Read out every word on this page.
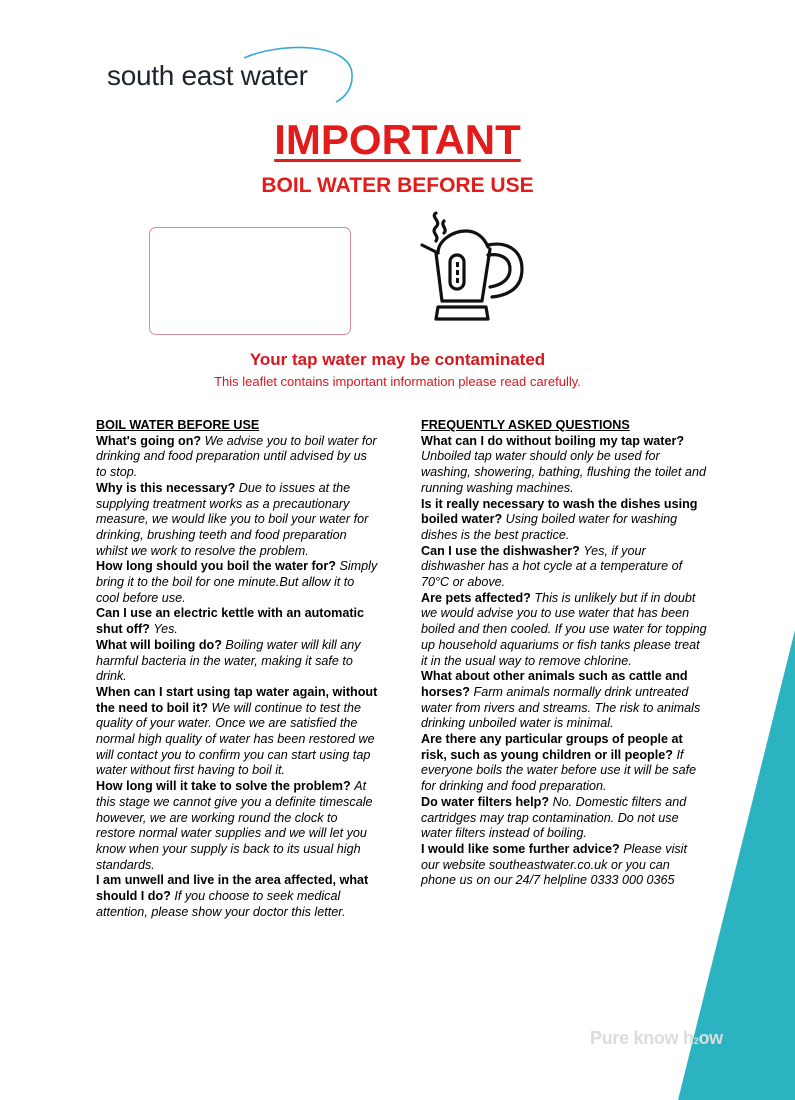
south east water
IMPORTANT
BOIL WATER BEFORE USE
Your tap water may be contaminated
This leaflet contains important information please read carefully.
BOIL WATER BEFORE USE

What's going on? We advise you to boil water for drinking and food preparation until advised by us to stop.

Why is this necessary? Due to issues at the supplying treatment works as a precautionary measure, we would like you to boil your water for drinking, brushing teeth and food preparation whilst we work to resolve the problem.

How long should you boil the water for? Simply bring it to the boil for one minute.But allow it to cool before use.

Can I use an electric kettle with an automatic shut off? Yes.

What will boiling do? Boiling water will kill any harmful bacteria in the water, making it safe to drink.

When can I start using tap water again, without the need to boil it? We will continue to test the quality of your water. Once we are satisfied the normal high quality of water has been restored we will contact you to confirm you can start using tap water without first having to boil it.

How long will it take to solve the problem? At this stage we cannot give you a definite timescale however, we are working round the clock to restore normal water supplies and we will let you know when your supply is back to its usual high standards.

I am unwell and live in the area affected, what should I do? If you choose to seek medical attention, please show your doctor this letter.

FREQUENTLY ASKED QUESTIONS

What can I do without boiling my tap water? Unboiled tap water should only be used for washing, showering, bathing, flushing the toilet and running washing machines.

Is it really necessary to wash the dishes using boiled water? Using boiled water for washing dishes is the best practice.

Can I use the dishwasher? Yes, if your dishwasher has a hot cycle at a temperature of 70°C or above.

Are pets affected? This is unlikely but if in doubt we would advise you to use water that has been boiled and then cooled. If you use water for topping up household aquariums or fish tanks please treat it in the usual way to remove chlorine.

What about other animals such as cattle and horses? Farm animals normally drink untreated water from rivers and streams. The risk to animals drinking unboiled water is minimal.

Are there any particular groups of people at risk, such as young children or ill people? If everyone boils the water before use it will be safe for drinking and food preparation.

Do water filters help? No. Domestic filters and cartridges may trap contamination. Do not use water filters instead of boiling.

I would like some further advice? Please visit our website southeastwater.co.uk or you can phone us on our 24/7 helpline 0333 000 0365

Pure know h2ow
